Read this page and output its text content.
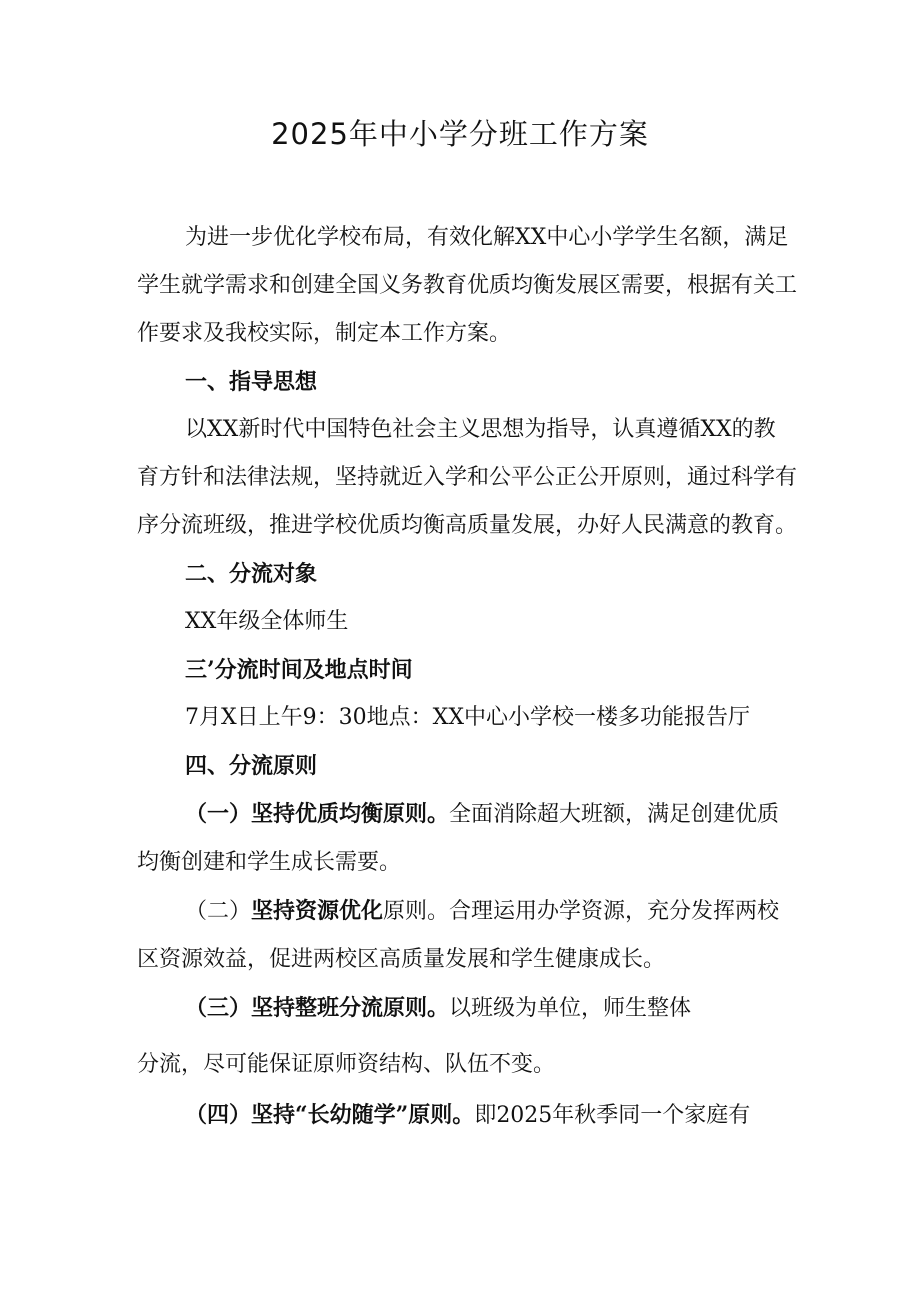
2025年中小学分班工作方案

为进一步优化学校布局，有效化解XX中心小学学生名额，满足学生就学需求和创建全国义务教育优质均衡发展区需要，根据有关工作要求及我校实际，制定本工作方案。

一、指导思想

以XX新时代中国特色社会主义思想为指导，认真遵循XX的教育方针和法律法规，坚持就近入学和公平公正公开原则，通过科学有序分流班级，推进学校优质均衡高质量发展，办好人民满意的教育。

二、分流对象

XX年级全体师生

三’分流时间及地点时间

7月X日上午9：30地点：XX中心小学校一楼多功能报告厅

四、分流原则

（一）坚持优质均衡原则。全面消除超大班额，满足创建优质均衡创建和学生成长需要。

（二）坚持资源优化原则。合理运用办学资源，充分发挥两校区资源效益，促进两校区高质量发展和学生健康成长。

（三）坚持整班分流原则。以班级为单位，师生整体

分流，尽可能保证原师资结构、队伍不变。

（四）坚持“长幼随学”原则。即2025年秋季同一个家庭有
